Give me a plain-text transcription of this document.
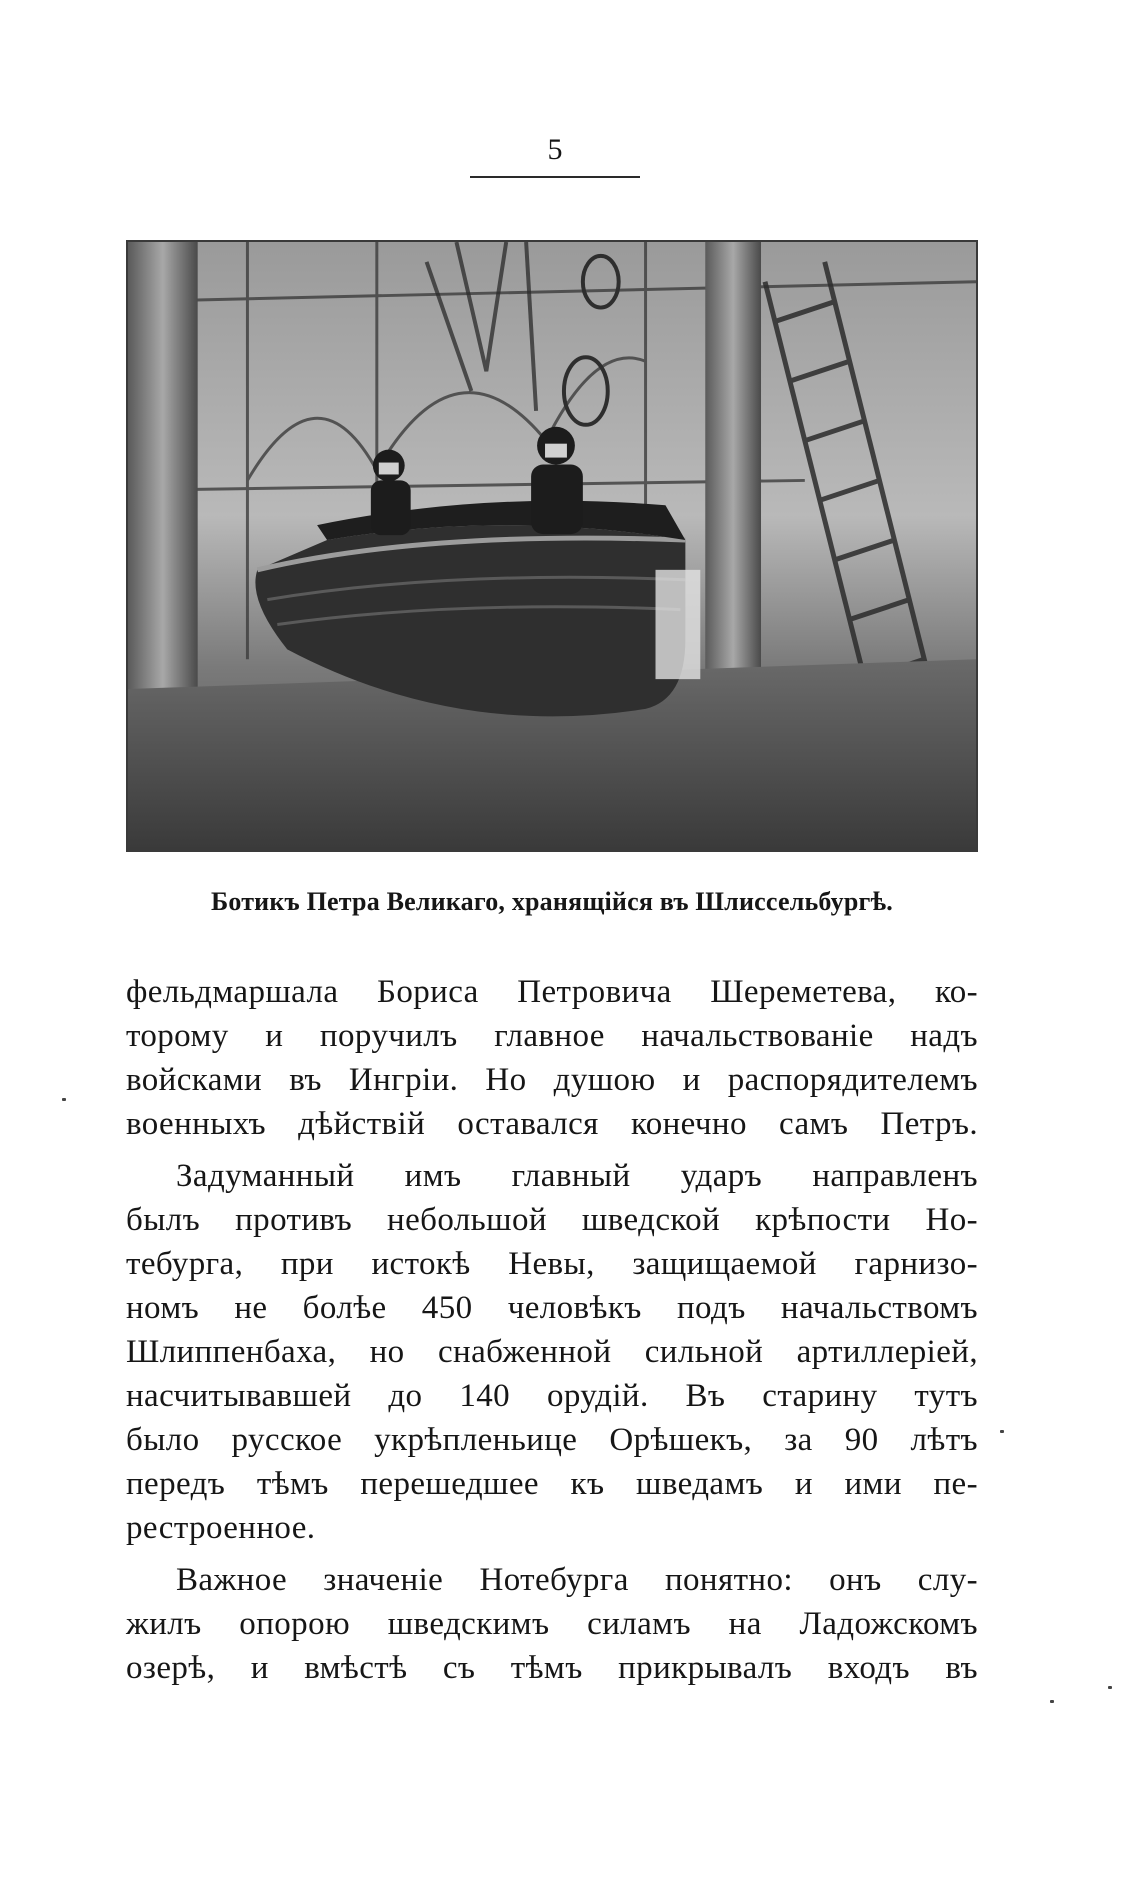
5
Ботикъ Петра Великаго, хранящійся въ Шлиссельбургѣ.
фельдмаршала Бориса Петровича Шереметева, ко-
торому и поручилъ главное начальствованіе надъ
войсками въ Ингріи. Но душою и распорядителемъ
военныхъ дѣйствій оставался конечно самъ Петръ.
Задуманный имъ главный ударъ направленъ
былъ противъ небольшой шведской крѣпости Но-
тебурга, при истокѣ Невы, защищаемой гарнизо-
номъ не болѣе 450 человѣкъ подъ начальствомъ
Шлиппенбаха, но снабженной сильной артиллеріей,
насчитывавшей до 140 орудій. Въ старину тутъ
было русское укрѣпленьице Орѣшекъ, за 90 лѣтъ
передъ тѣмъ перешедшее къ шведамъ и ими пе-
рестроенное.
Важное значеніе Нотебурга понятно: онъ слу-
жилъ опорою шведскимъ силамъ на Ладожскомъ
озерѣ, и вмѣстѣ съ тѣмъ прикрывалъ входъ въ
